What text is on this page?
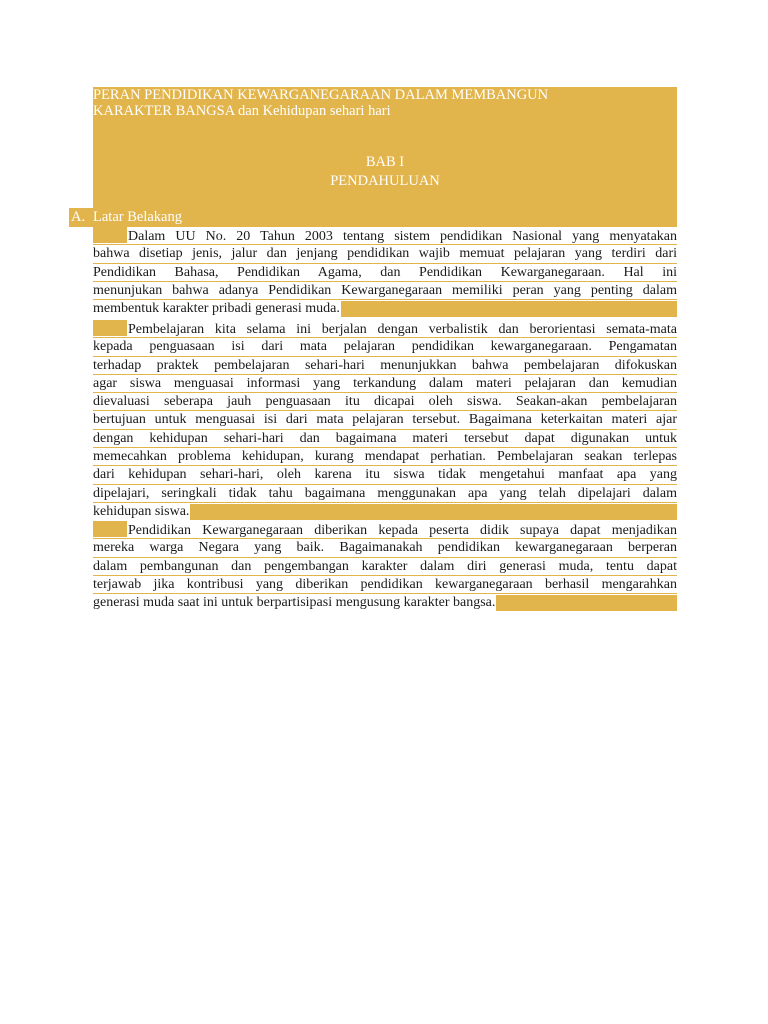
PERAN PENDIDIKAN KEWARGANEGARAAN DALAM MEMBANGUN
KARAKTER BANGSA dan Kehidupan sehari hari
BAB I
PENDAHULUAN
A. Latar Belakang
Dalam UU No. 20 Tahun 2003 tentang sistem pendidikan Nasional yang menyatakan
bahwa disetiap jenis, jalur dan jenjang pendidikan wajib memuat pelajaran yang terdiri dari
Pendidikan Bahasa, Pendidikan Agama, dan Pendidikan Kewarganegaraan. Hal ini
menunjukan bahwa adanya Pendidikan Kewarganegaraan memiliki peran yang penting dalam
membentuk karakter pribadi generasi muda.
Pembelajaran kita selama ini berjalan dengan verbalistik dan berorientasi semata-mata
kepada penguasaan isi dari mata pelajaran pendidikan kewarganegaraan. Pengamatan
terhadap praktek pembelajaran sehari-hari menunjukkan bahwa pembelajaran difokuskan
agar siswa menguasai informasi yang terkandung dalam materi pelajaran dan kemudian
dievaluasi seberapa jauh penguasaan itu dicapai oleh siswa. Seakan-akan pembelajaran
bertujuan untuk menguasai isi dari mata pelajaran tersebut. Bagaimana keterkaitan materi ajar
dengan kehidupan sehari-hari dan bagaimana materi tersebut dapat digunakan untuk
memecahkan problema kehidupan, kurang mendapat perhatian. Pembelajaran seakan terlepas
dari kehidupan sehari-hari, oleh karena itu siswa tidak mengetahui manfaat apa yang
dipelajari, seringkali tidak tahu bagaimana menggunakan apa yang telah dipelajari dalam
kehidupan siswa.
Pendidikan Kewarganegaraan diberikan kepada peserta didik supaya dapat menjadikan
mereka warga Negara yang baik. Bagaimanakah pendidikan kewarganegaraan berperan
dalam pembangunan dan pengembangan karakter dalam diri generasi muda, tentu dapat
terjawab jika kontribusi yang diberikan pendidikan kewarganegaraan berhasil mengarahkan
generasi muda saat ini untuk berpartisipasi mengusung karakter bangsa.
